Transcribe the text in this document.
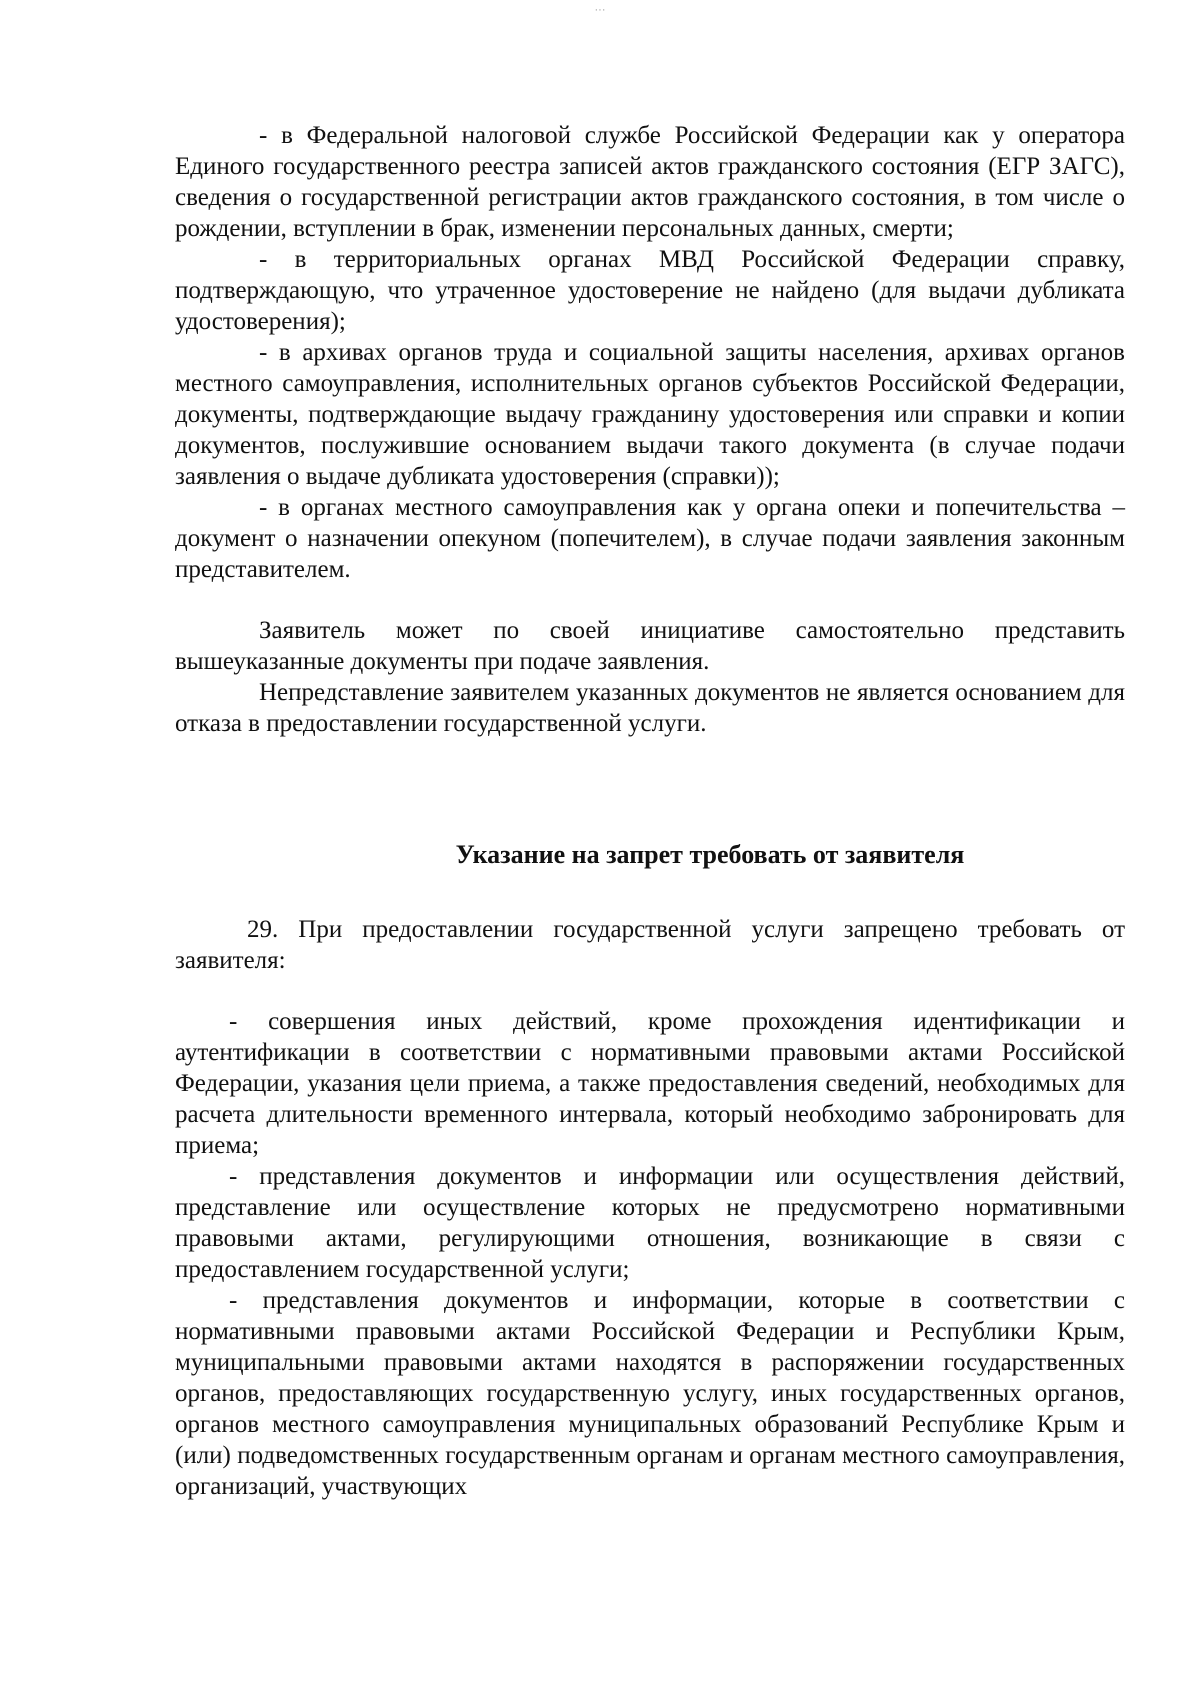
···

- в Федеральной налоговой службе Российской Федерации как у оператора Единого государственного реестра записей актов гражданского состояния (ЕГР ЗАГС), сведения о государственной регистрации актов гражданского состояния, в том числе о рождении, вступлении в брак, изменении персональных данных, смерти;

- в территориальных органах МВД Российской Федерации справку, подтверждающую, что утраченное удостоверение не найдено (для выдачи дубликата удостоверения);

- в архивах органов труда и социальной защиты населения, архивах органов местного самоуправления, исполнительных органов субъектов Российской Федерации, документы, подтверждающие выдачу гражданину удостоверения или справки и копии документов, послужившие основанием выдачи такого документа (в случае подачи заявления о выдаче дубликата удостоверения (справки));

- в органах местного самоуправления как у органа опеки и попечительства – документ о назначении опекуном (попечителем), в случае подачи заявления законным представителем.

Заявитель может по своей инициативе самостоятельно представить вышеуказанные документы при подаче заявления.

Непредставление заявителем указанных документов не является основанием для отказа в предоставлении государственной услуги.

Указание на запрет требовать от заявителя

29. При предоставлении государственной услуги запрещено требовать от заявителя:

- совершения иных действий, кроме прохождения идентификации и аутентификации в соответствии с нормативными правовыми актами Российской Федерации, указания цели приема, а также предоставления сведений, необходимых для расчета длительности временного интервала, который необходимо забронировать для приема;

- представления документов и информации или осуществления действий, представление или осуществление которых не предусмотрено нормативными правовыми актами, регулирующими отношения, возникающие в связи с предоставлением государственной услуги;

- представления документов и информации, которые в соответствии с нормативными правовыми актами Российской Федерации и Республики Крым, муниципальными правовыми актами находятся в распоряжении государственных органов, предоставляющих государственную услугу, иных государственных органов, органов местного самоуправления муниципальных образований Республике Крым и (или) подведомственных государственным органам и органам местного самоуправления, организаций, участвующих
